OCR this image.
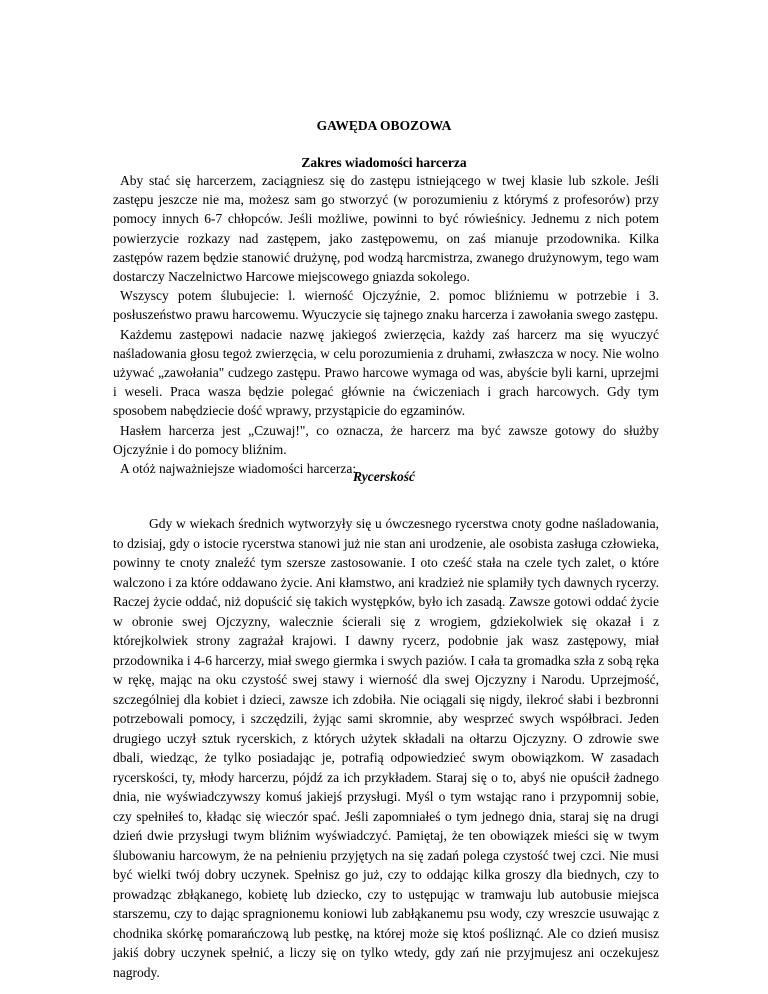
GAWĘDA OBOZOWA
Zakres wiadomości harcerza

Aby stać się harcerzem, zaciągniesz się do zastępu istniejącego w twej klasie lub szkole. Jeśli zastępu jeszcze nie ma, możesz sam go stworzyć (w porozumieniu z którymś z profesorów) przy pomocy innych 6-7 chłopców. Jeśli możliwe, powinni to być rówieśnicy. Jednemu z nich potem powierzycie rozkazy nad zastępem, jako zastępowemu, on zaś mianuje przodownika. Kilka zastępów razem będzie stanowić drużynę, pod wodzą harcmistrza, zwanego drużynowym, tego wam dostarczy Naczelnictwo Harcowe miejscowego gniazda sokolego.

Wszyscy potem ślubujecie: l. wierność Ojczyźnie, 2. pomoc bliźniemu w potrzebie i 3. posłuszeństwo prawu harcowemu. Wyuczycie się tajnego znaku harcerza i zawołania swego zastępu.

Każdemu zastępowi nadacie nazwę jakiegoś zwierzęcia, każdy zaś harcerz ma się wyuczyć naśladowania głosu tegoż zwierzęcia, w celu porozumienia z druhami, zwłaszcza w nocy. Nie wolno używać „zawołania" cudzego zastępu. Prawo harcowe wymaga od was, abyście byli karni, uprzejmi i weseli. Praca wasza będzie polegać głównie na ćwiczeniach i grach harcowych. Gdy tym sposobem nabędziecie dość wprawy, przystąpicie do egzaminów.

Hasłem harcerza jest „Czuwaj!", co oznacza, że harcerz ma być zawsze gotowy do służby Ojczyźnie i do pomocy bliźnim.

A otóż najważniejsze wiadomości harcerza:

Rycerskość

Gdy w wiekach średnich wytworzyły się u ówczesnego rycerstwa cnoty godne naśladowania, to dzisiaj, gdy o istocie rycerstwa stanowi już nie stan ani urodzenie, ale osobista zasługa człowieka, powinny te cnoty znaleźć tym szersze zastosowanie. I oto cześć stała na czele tych zalet, o które walczono i za które oddawano życie. Ani kłamstwo, ani kradzież nie splamiły tych dawnych rycerzy. Raczej życie oddać, niż dopuścić się takich występków, było ich zasadą. Zawsze gotowi oddać życie w obronie swej Ojczyzny, walecznie ścierali się z wrogiem, gdziekolwiek się okazał i z którejkolwiek strony zagrażał krajowi. I dawny rycerz, podobnie jak wasz zastępowy, miał przodownika i 4-6 harcerzy, miał swego giermka i swych paziów. I cała ta gromadka szła z sobą ręka w rękę, mając na oku czystość swej stawy i wierność dla swej Ojczyzny i Narodu. Uprzejmość, szczególniej dla kobiet i dzieci, zawsze ich zdobiła. Nie ociągali się nigdy, ilekroć słabi i bezbronni potrzebowali pomocy, i szczędzili, żyjąc sami skromnie, aby wesprzeć swych współbraci. Jeden drugiego uczył sztuk rycerskich, z których użytek składali na ołtarzu Ojczyzny. O zdrowie swe dbali, wiedząc, że tylko posiadając je, potrafią odpowiedzieć swym obowiązkom. W zasadach rycerskości, ty, młody harcerzu, pójdź za ich przykładem. Staraj się o to, abyś nie opuścił żadnego dnia, nie wyświadczywszy komuś jakiejś przysługi. Myśl o tym wstając rano i przypomnij sobie, czy spełniłeś to, kładąc się wieczór spać. Jeśli zapomniałeś o tym jednego dnia, staraj się na drugi dzień dwie przysługi twym bliźnim wyświadczyć. Pamiętaj, że ten obowiązek mieści się w twym ślubowaniu harcowym, że na pełnieniu przyjętych na się zadań polega czystość twej czci. Nie musi być wielki twój dobry uczynek. Spełnisz go już, czy to oddając kilka groszy dla biednych, czy to prowadząc zbłąkanego, kobietę lub dziecko, czy to ustępując w tramwaju lub autobusie miejsca starszemu, czy to dając spragnionemu koniowi lub zabłąkanemu psu wody, czy wreszcie usuwając z chodnika skórkę pomarańczową lub pestkę, na której może się ktoś pośliznąć. Ale co dzień musisz jakiś dobry uczynek spełnić, a liczy się on tylko wtedy, gdy zań nie przyjmujesz ani oczekujesz nagrody.
